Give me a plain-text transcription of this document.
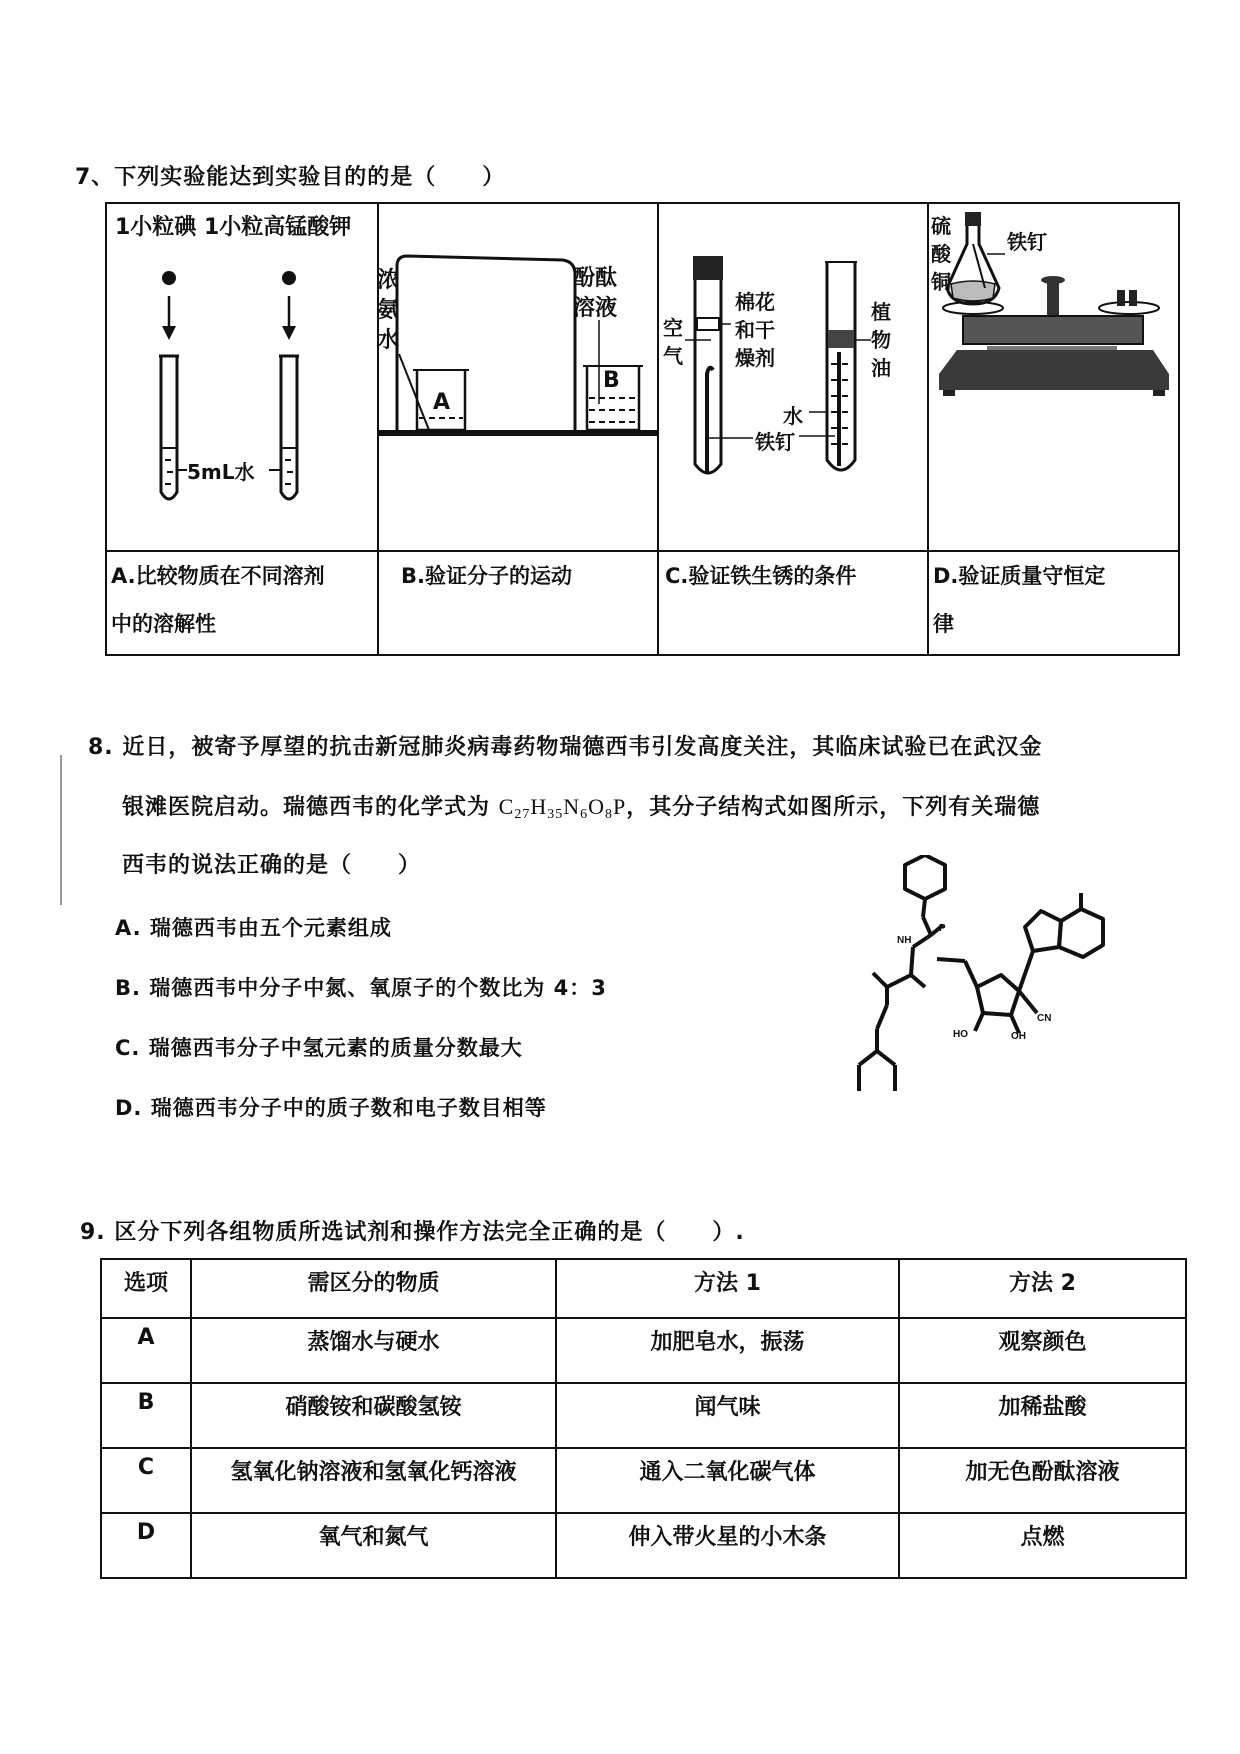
7、下列实验能达到实验目的的是（　　）
1小粒碘 1小粒高锰酸钾
5mL水
浓
氨
水
酚酞
溶液
A
B
空
气
棉花
和干
燥剂
水
铁钉
植
物
油
硫
酸
铜
铁钉
A.比较物质在不同溶剂
中的溶解性
B.验证分子的运动	C.验证铁生锈的条件	D.验证质量守恒定
律
8. 近日，被寄予厚望的抗击新冠肺炎病毒药物瑞德西韦引发高度关注，其临床试验已在武汉金
银滩医院启动。瑞德西韦的化学式为 $C_{27}H_{35}N_6O_8P$，其分子结构式如图所示，下列有关瑞德
西韦的说法正确的是（　　）
A. 瑞德西韦由五个元素组成
B. 瑞德西韦中分子中氮、氧原子的个数比为 4：3
C. 瑞德西韦分子中氢元素的质量分数最大
D. 瑞德西韦分子中的质子数和电子数目相等
HO	OH
CN
NH
P
9. 区分下列各组物质所选试剂和操作方法完全正确的是（　　）.
选项	需区分的物质	方法 1	方法 2
A	蒸馏水与硬水	加肥皂水，振荡	观察颜色
B	硝酸铵和碳酸氢铵	闻气味	加稀盐酸
C	氢氧化钠溶液和氢氧化钙溶液	通入二氧化碳气体	加无色酚酞溶液
D	氧气和氮气	伸入带火星的小木条	点燃
